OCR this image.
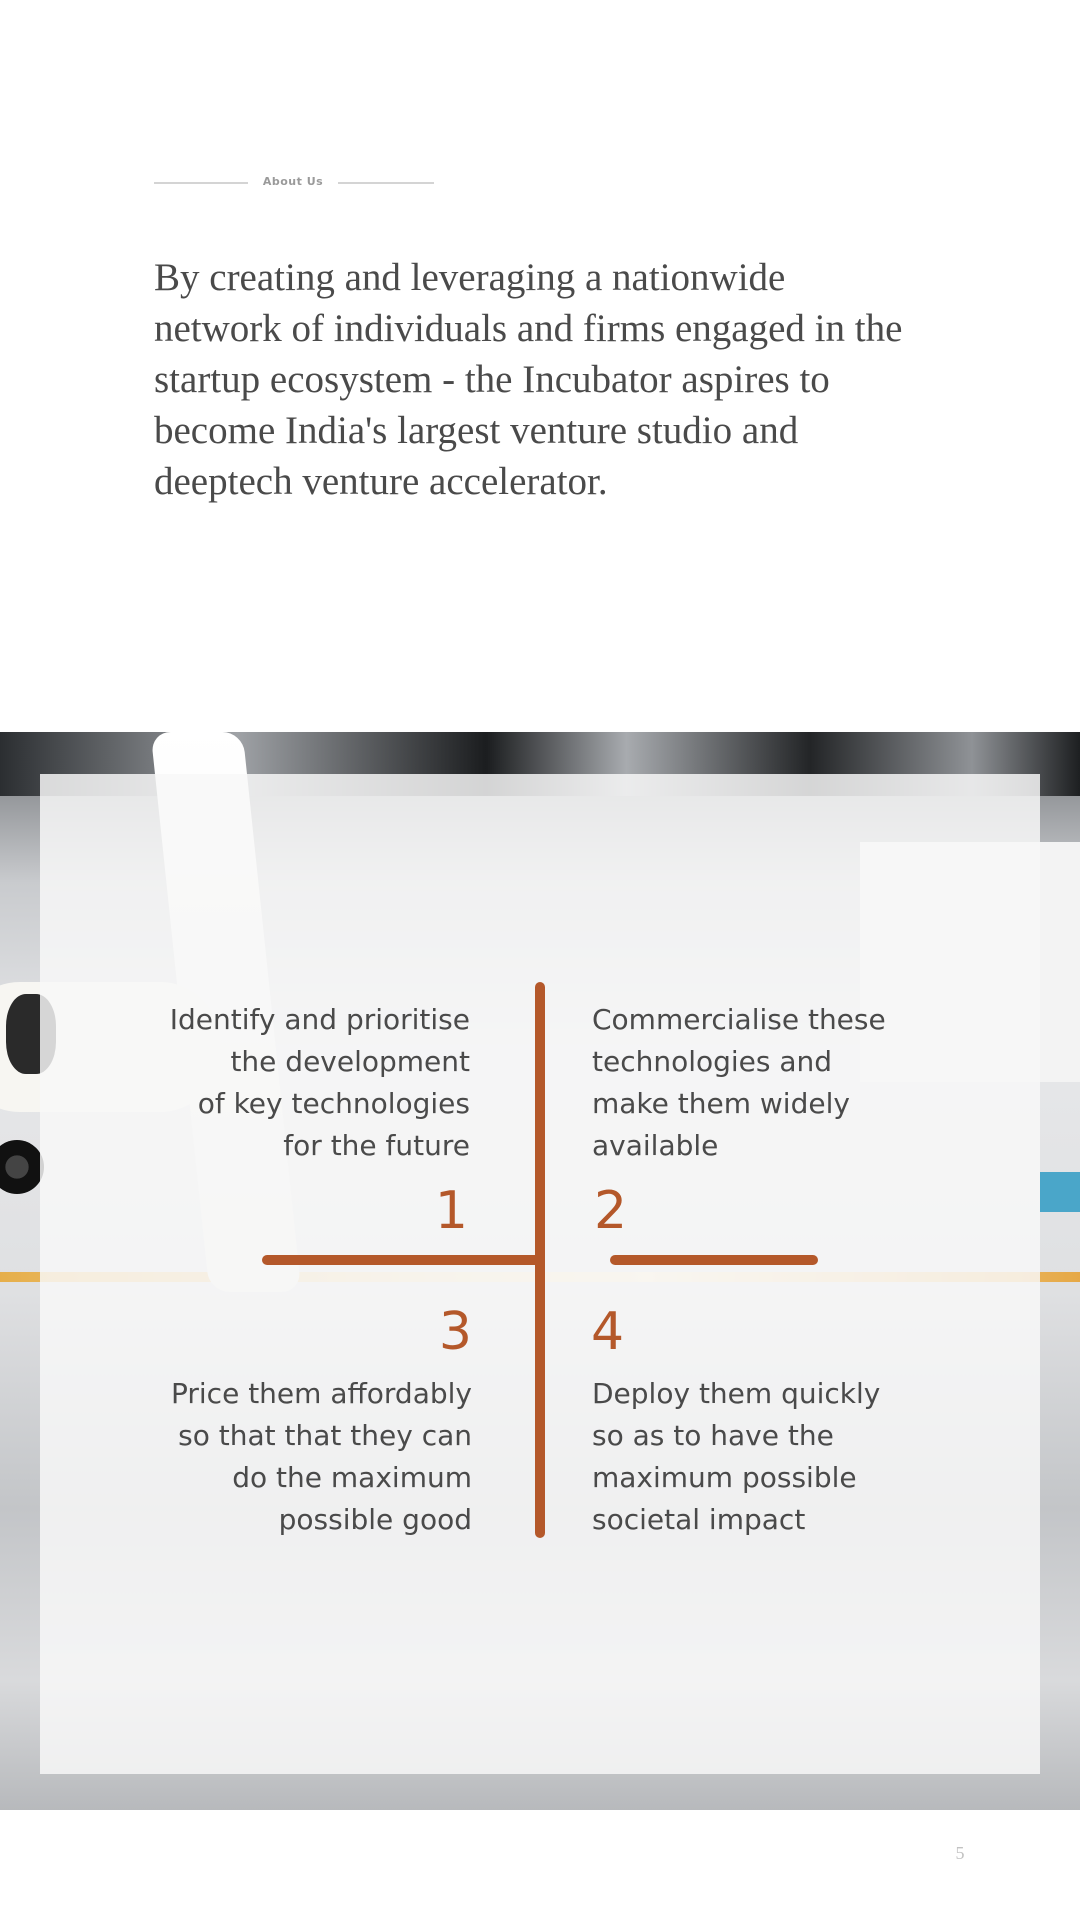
About Us

By creating and leveraging a nationwide network of individuals and firms engaged in the startup ecosystem - the Incubator aspires to become India's largest venture studio and deeptech venture accelerator.

Identify and prioritise
the development
of key technologies
for the future

Commercialise these
technologies and
make them widely
available

Price them affordably
so that that they can
do the maximum
possible good

Deploy them quickly
so as to have the
maximum possible
societal impact

1 2
3 4
5
